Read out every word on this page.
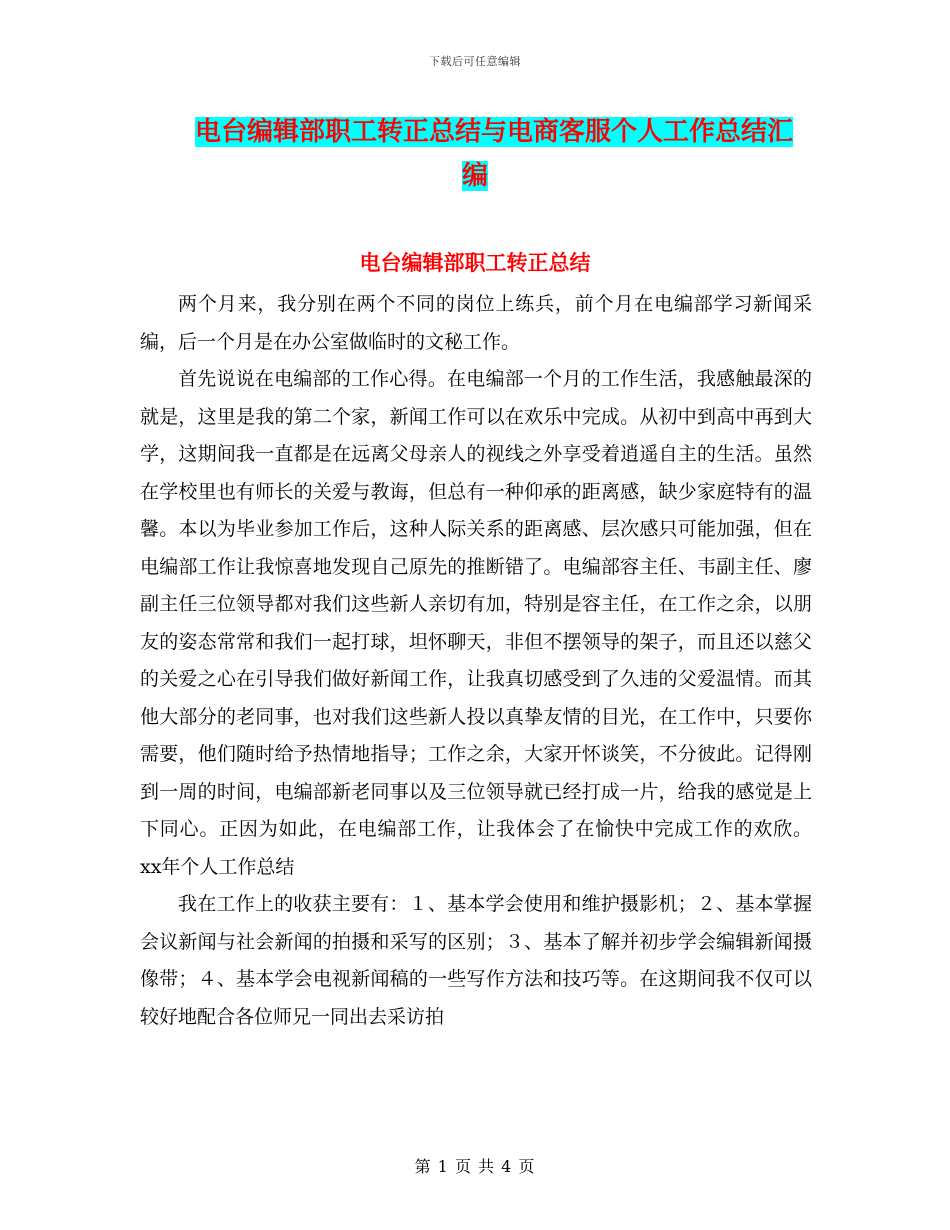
下载后可任意编辑
电台编辑部职工转正总结与电商客服个人工作总结汇
编
电台编辑部职工转正总结

两个月来，我分别在两个不同的岗位上练兵，前个月在电编部学习新闻采编，后一个月是在办公室做临时的文秘工作。

首先说说在电编部的工作心得。在电编部一个月的工作生活，我感触最深的就是，这里是我的第二个家，新闻工作可以在欢乐中完成。从初中到高中再到大学，这期间我一直都是在远离父母亲人的视线之外享受着逍遥自主的生活。虽然在学校里也有师长的关爱与教诲，但总有一种仰承的距离感，缺少家庭特有的温馨。本以为毕业参加工作后，这种人际关系的距离感、层次感只可能加强，但在电编部工作让我惊喜地发现自己原先的推断错了。电编部容主任、韦副主任、廖副主任三位领导都对我们这些新人亲切有加，特别是容主任，在工作之余，以朋友的姿态常常和我们一起打球，坦怀聊天，非但不摆领导的架子，而且还以慈父的关爱之心在引导我们做好新闻工作，让我真切感受到了久违的父爱温情。而其他大部分的老同事，也对我们这些新人投以真挚友情的目光，在工作中，只要你需要，他们随时给予热情地指导；工作之余，大家开怀谈笑，不分彼此。记得刚到一周的时间，电编部新老同事以及三位领导就已经打成一片，给我的感觉是上下同心。正因为如此，在电编部工作，让我体会了在愉快中完成工作的欢欣。 xx年个人工作总结

我在工作上的收获主要有：１、基本学会使用和维护摄影机；２、基本掌握会议新闻与社会新闻的拍摄和采写的区别；３、基本了解并初步学会编辑新闻摄像带；４、基本学会电视新闻稿的一些写作方法和技巧等。在这期间我不仅可以较好地配合各位师兄一同出去采访拍

第 1 页 共 4 页
